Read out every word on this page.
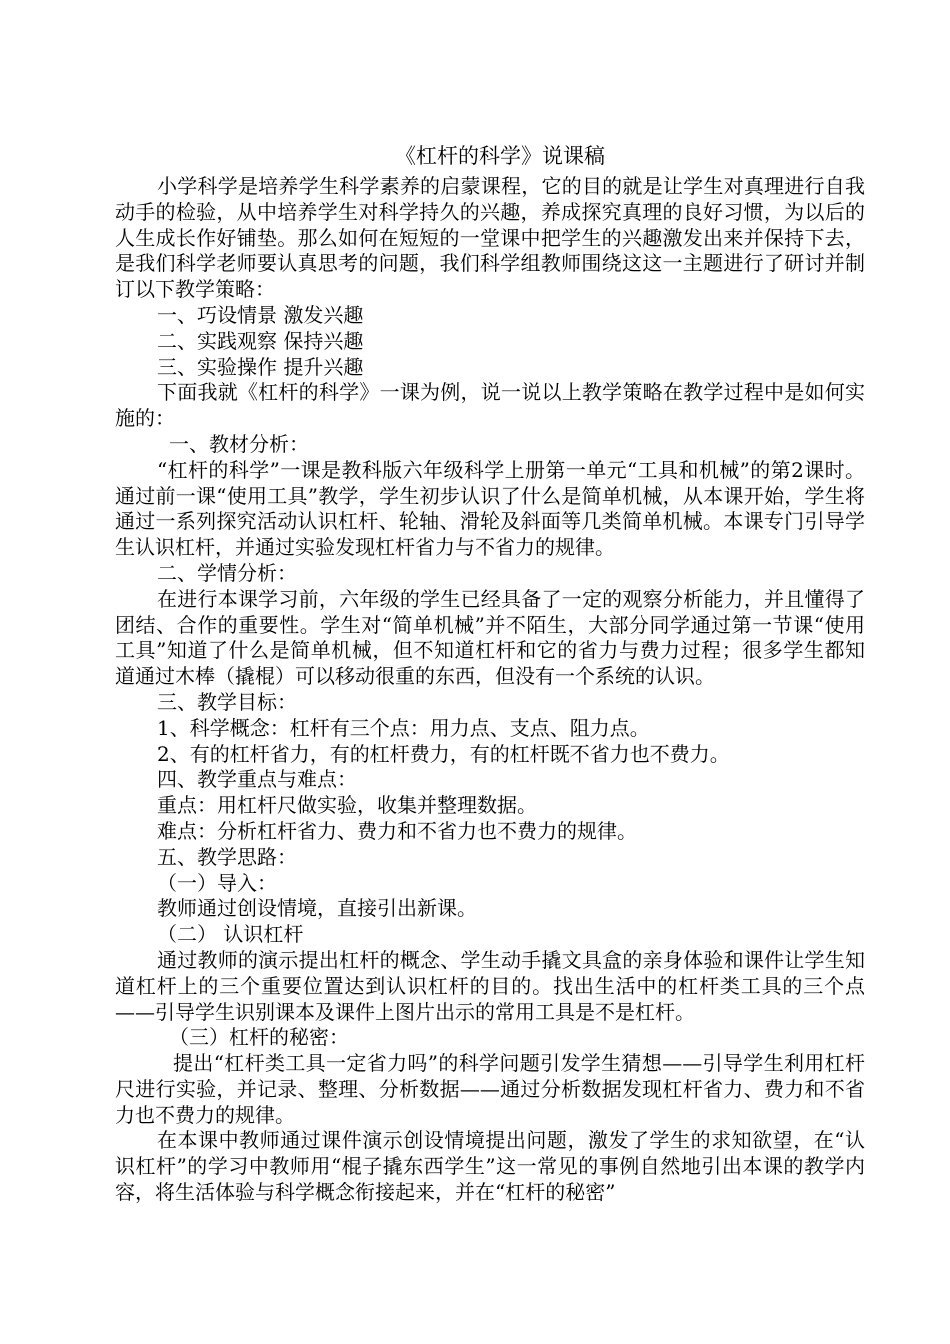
《杠杆的科学》说课稿

小学科学是培养学生科学素养的启蒙课程，它的目的就是让学生对真理进行自我动手的检验，从中培养学生对科学持久的兴趣，养成探究真理的良好习惯，为以后的人生成长作好铺垫。那么如何在短短的一堂课中把学生的兴趣激发出来并保持下去，是我们科学老师要认真思考的问题，我们科学组教师围绕这这一主题进行了研讨并制订以下教学策略：

一、巧设情景 激发兴趣

二、实践观察 保持兴趣

三、实验操作 提升兴趣

下面我就《杠杆的科学》一课为例，说一说以上教学策略在教学过程中是如何实施的：

一、教材分析：

“杠杆的科学”一课是教科版六年级科学上册第一单元“工具和机械”的第2课时。通过前一课“使用工具”教学，学生初步认识了什么是简单机械，从本课开始，学生将通过一系列探究活动认识杠杆、轮轴、滑轮及斜面等几类简单机械。本课专门引导学生认识杠杆，并通过实验发现杠杆省力与不省力的规律。

二、学情分析：

在进行本课学习前，六年级的学生已经具备了一定的观察分析能力，并且懂得了团结、合作的重要性。学生对“简单机械”并不陌生，大部分同学通过第一节课“使用工具”知道了什么是简单机械，但不知道杠杆和它的省力与费力过程；很多学生都知道通过木棒（撬棍）可以移动很重的东西，但没有一个系统的认识。

三、教学目标：

1、科学概念：杠杆有三个点：用力点、支点、阻力点。

2、有的杠杆省力，有的杠杆费力，有的杠杆既不省力也不费力。

四、教学重点与难点：

重点：用杠杆尺做实验，收集并整理数据。

难点：分析杠杆省力、费力和不省力也不费力的规律。

五、教学思路：

（一）导入：

教师通过创设情境，直接引出新课。

（二） 认识杠杆

通过教师的演示提出杠杆的概念、学生动手撬文具盒的亲身体验和课件让学生知道杠杆上的三个重要位置达到认识杠杆的目的。找出生活中的杠杆类工具的三个点——引导学生识别课本及课件上图片出示的常用工具是不是杠杆。

（三）杠杆的秘密：

提出“杠杆类工具一定省力吗”的科学问题引发学生猜想——引导学生利用杠杆尺进行实验，并记录、整理、分析数据——通过分析数据发现杠杆省力、费力和不省力也不费力的规律。

在本课中教师通过课件演示创设情境提出问题，激发了学生的求知欲望，在“认识杠杆”的学习中教师用“棍子撬东西学生”这一常见的事例自然地引出本课的教学内容，将生活体验与科学概念衔接起来，并在“杠杆的秘密”
